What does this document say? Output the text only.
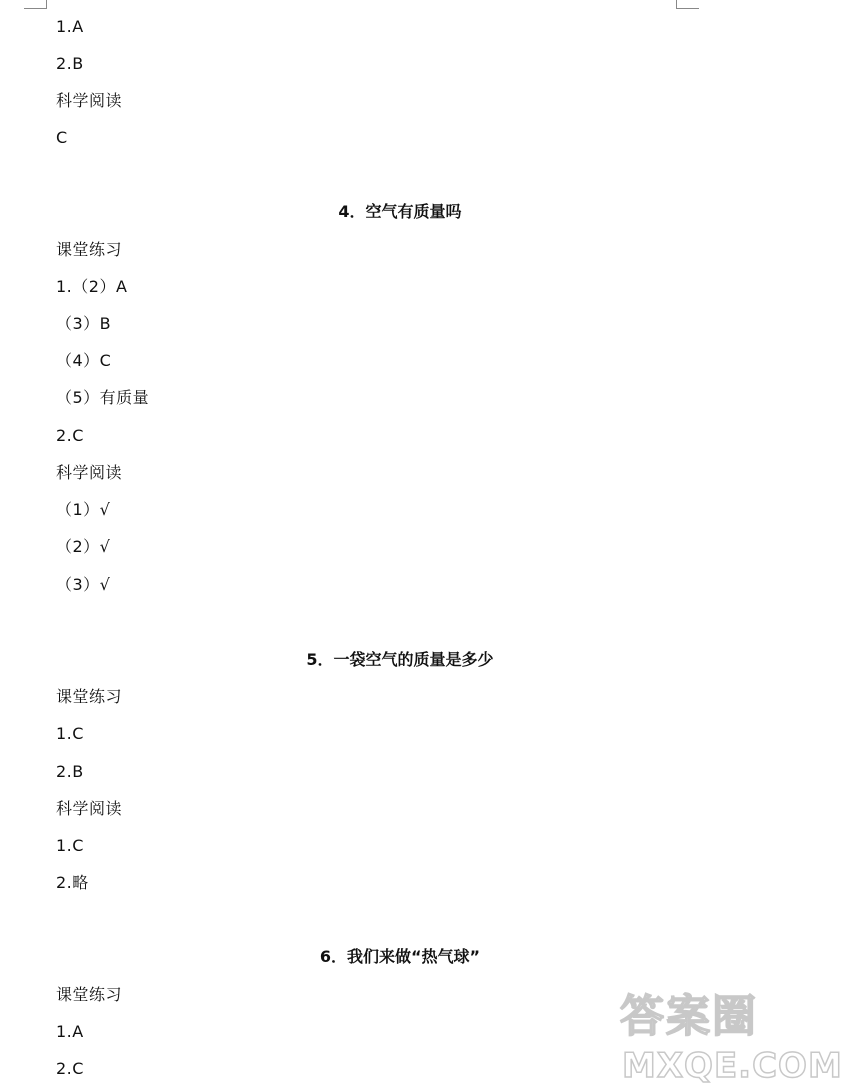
1.A
2.B
科学阅读
C
4．空气有质量吗
课堂练习
1.（2）A
（3）B
（4）C
（5）有质量
2.C
科学阅读
（1）√
（2）√
（3）√
5．一袋空气的质量是多少
课堂练习
1.C
2.B
科学阅读
1.C
2.略
6．我们来做“热气球”
课堂练习
1.A
2.C
答案圈
MXQE.COM
